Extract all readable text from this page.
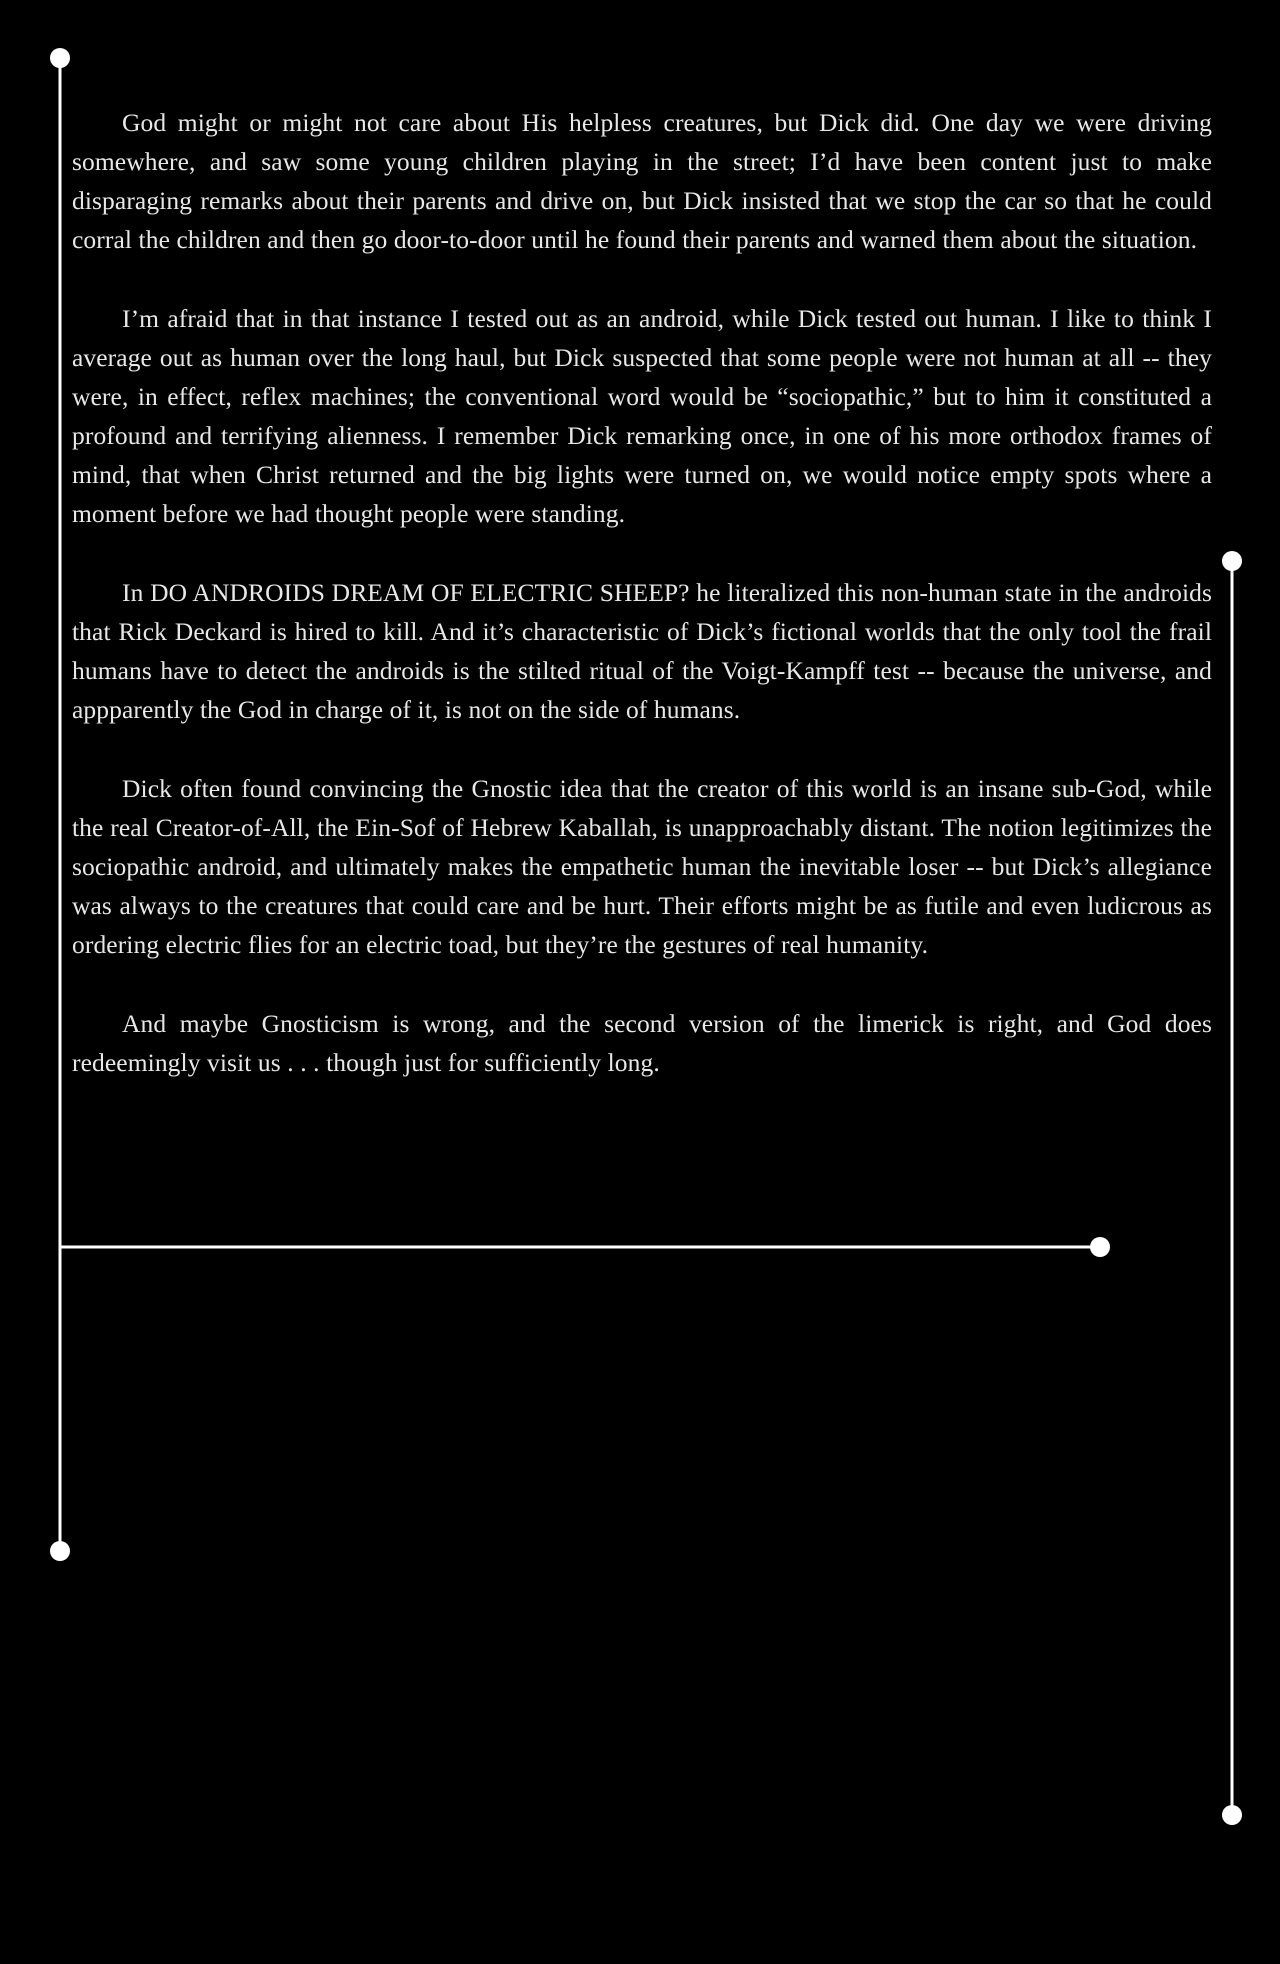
God might or might not care about His helpless creatures, but Dick did. One day we were driving somewhere, and saw some young children playing in the street; I’d have been content just to make disparaging remarks about their parents and drive on, but Dick insisted that we stop the car so that he could corral the children and then go door-to-door until he found their parents and warned them about the situation.

I’m afraid that in that instance I tested out as an android, while Dick tested out human. I like to think I average out as human over the long haul, but Dick suspected that some people were not human at all -- they were, in effect, reflex machines; the conventional word would be “sociopathic,” but to him it constituted a profound and terrifying alienness. I remember Dick remarking once, in one of his more orthodox frames of mind, that when Christ returned and the big lights were turned on, we would notice empty spots where a moment before we had thought people were standing.

In DO ANDROIDS DREAM OF ELECTRIC SHEEP? he literalized this non-human state in the androids that Rick Deckard is hired to kill. And it’s characteristic of Dick’s fictional worlds that the only tool the frail humans have to detect the androids is the stilted ritual of the Voigt-Kampff test -- because the universe, and appparently the God in charge of it, is not on the side of humans.

Dick often found convincing the Gnostic idea that the creator of this world is an insane sub-God, while the real Creator-of-All, the Ein-Sof of Hebrew Kaballah, is unapproachably distant. The notion legitimizes the sociopathic android, and ultimately makes the empathetic human the inevitable loser -- but Dick’s allegiance was always to the creatures that could care and be hurt. Their efforts might be as futile and even ludicrous as ordering electric flies for an electric toad, but they’re the gestures of real humanity.

And maybe Gnosticism is wrong, and the second version of the limerick is right, and God does redeemingly visit us . . . though just for sufficiently long.
